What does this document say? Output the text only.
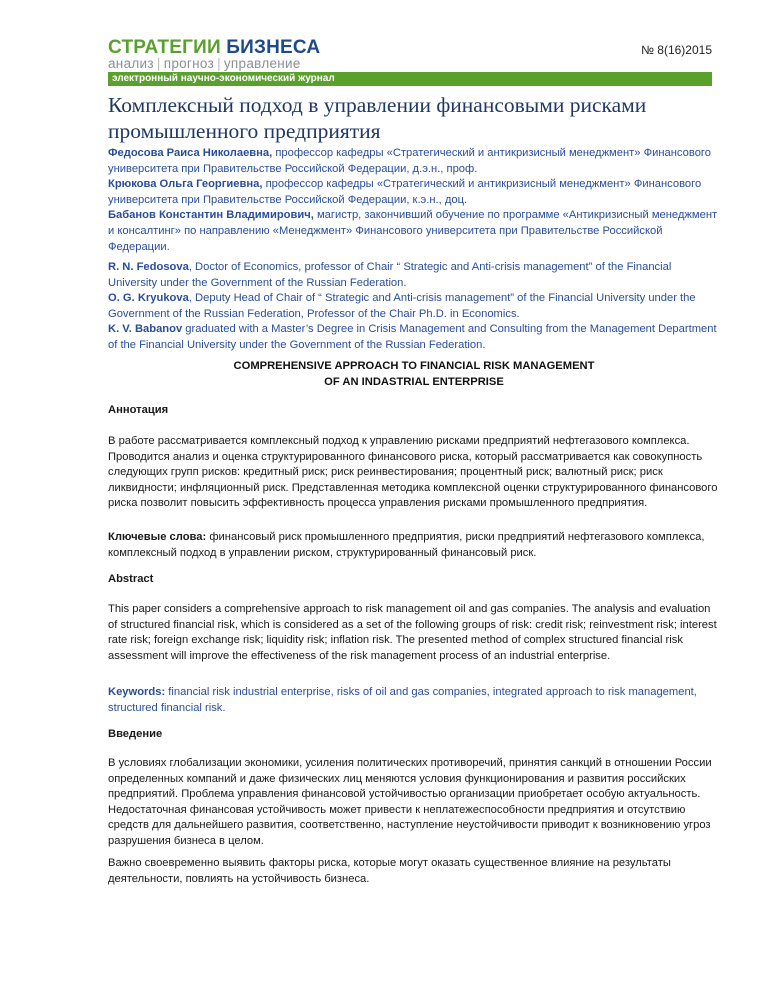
СТРАТЕГИИ БИЗНЕСА
анализ | прогноз | управление
электронный научно-экономический журнал
№ 8(16)2015
Комплексный подход в управлении финансовыми рисками промышленного предприятия

Федосова Раиса Николаевна, профессор кафедры «Стратегический и антикризисный менеджмент» Финансового университета при Правительстве Российской Федерации, д.э.н., проф.

Крюкова Ольга Георгиевна, профессор кафедры «Стратегический и антикризисный менеджмент» Финансового университета при Правительстве Российской Федерации, к.э.н., доц.

Бабанов Константин Владимирович, магистр, закончивший обучение по программе «Антикризисный менеджмент и консалтинг» по направлению «Менеджмент» Финансового университета при Правительстве Российской Федерации.

R. N. Fedosova, Doctor of Economics, professor of Chair “ Strategic and Anti-crisis management” of the Financial University under the Government of the Russian Federation.

O. G. Kryukova, Deputy Head of Chair of “ Strategic and Anti-crisis management” of the Financial University under the Government of the Russian Federation, Professor of the Chair Ph.D. in Economics.

K. V. Babanov graduated with a Master’s Degree in Crisis Management and Consulting from the Management Department of the Financial University under the Government of the Russian Federation.

COMPREHENSIVE APPROACH TO FINANCIAL RISK MANAGEMENT
OF AN INDASTRIAL ENTERPRISE
Аннотация

В работе рассматривается комплексный подход к управлению рисками предприятий нефтегазового комплекса. Проводится анализ и оценка структурированного финансового риска, который рассматривается как совокупность следующих групп рисков: кредитный риск; риск реинвестирования; процентный риск; валютный риск; риск ликвидности; инфляционный риск. Представленная методика комплексной оценки структурированного финансового риска позволит повысить эффективность процесса управления рисками промышленного предприятия.

Ключевые слова: финансовый риск промышленного предприятия, риски предприятий нефтегазового комплекса, комплексный подход в управлении риском, структурированный финансовый риск.

Abstract

This paper considers a comprehensive approach to risk management oil and gas companies. The analysis and evaluation of structured financial risk, which is considered as a set of the following groups of risk: credit risk; reinvestment risk; interest rate risk; foreign exchange risk; liquidity risk; inflation risk. The presented method of complex structured financial risk assessment will improve the effectiveness of the risk management process of an industrial enterprise.

Keywords: financial risk industrial enterprise, risks of oil and gas companies, integrated approach to risk management, structured financial risk.

Введение

В условиях глобализации экономики, усиления политических противоречий, принятия санкций в отношении России определенных компаний и даже физических лиц меняются условия функционирования и развития российских предприятий. Проблема управления финансовой устойчивостью организации приобретает особую актуальность. Недостаточная финансовая устойчивость может привести к неплатежеспособности предприятия и отсутствию средств для дальнейшего развития, соответственно, наступление неустойчивости приводит к возникновению угроз разрушения бизнеса в целом.

Важно своевременно выявить факторы риска, которые могут оказать существенное влияние на результаты деятельности, повлиять на устойчивость бизнеса.
